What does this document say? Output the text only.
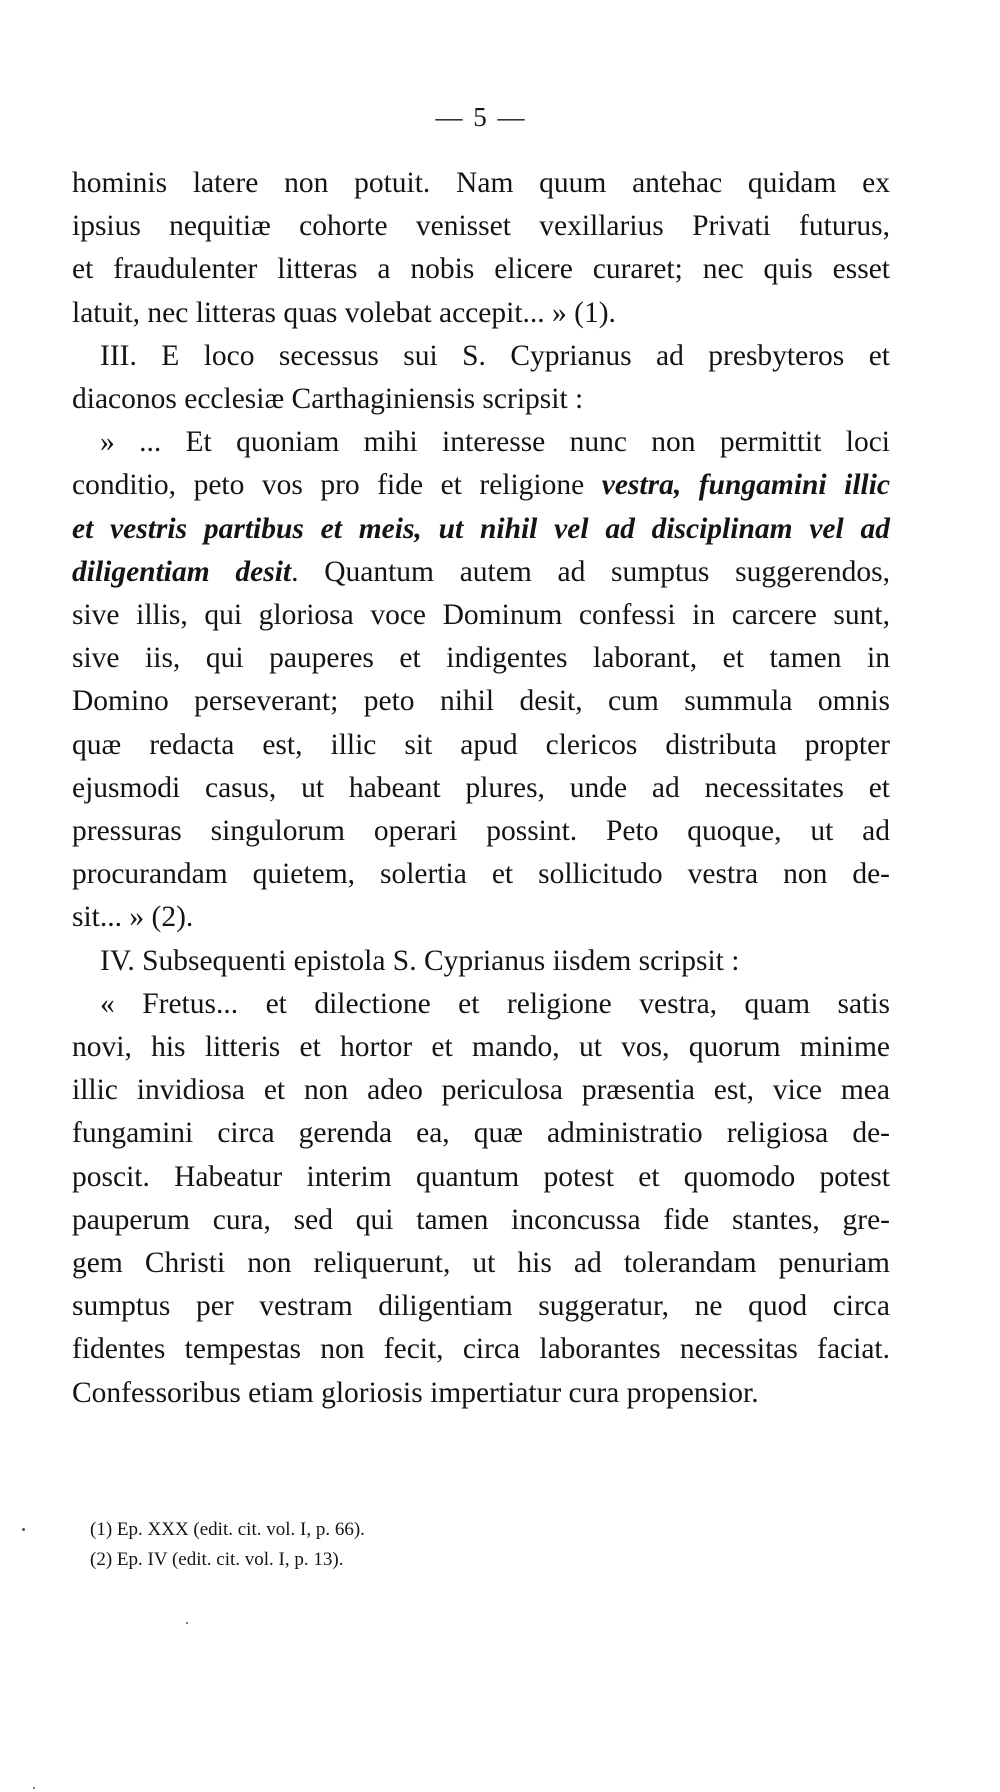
— 5 —

hominis latere non potuit. Nam quum antehac quidam ex

ipsius nequitiæ cohorte venisset vexillarius Privati futurus,

et fraudulenter litteras a nobis elicere curaret; nec quis esset

latuit, nec litteras quas volebat accepit... » (1).

III. E loco secessus sui S. Cyprianus ad presbyteros et

diaconos ecclesiæ Carthaginiensis scripsit :

» ... Et quoniam mihi interesse nunc non permittit loci

conditio, peto vos pro fide et religione vestra, fungamini illic

et vestris partibus et meis, ut nihil vel ad disciplinam vel ad

diligentiam desit. Quantum autem ad sumptus suggerendos,

sive illis, qui gloriosa voce Dominum confessi in carcere sunt,

sive iis, qui pauperes et indigentes laborant, et tamen in

Domino perseverant; peto nihil desit, cum summula omnis

quæ redacta est, illic sit apud clericos distributa propter

ejusmodi casus, ut habeant plures, unde ad necessitates et

pressuras singulorum operari possint. Peto quoque, ut ad

procurandam quietem, solertia et sollicitudo vestra non de-

sit... » (2).

IV. Subsequenti epistola S. Cyprianus iisdem scripsit :

« Fretus... et dilectione et religione vestra, quam satis

novi, his litteris et hortor et mando, ut vos, quorum minime

illic invidiosa et non adeo periculosa præsentia est, vice mea

fungamini circa gerenda ea, quæ administratio religiosa de-

poscit. Habeatur interim quantum potest et quomodo potest

pauperum cura, sed qui tamen inconcussa fide stantes, gre-

gem Christi non reliquerunt, ut his ad tolerandam penuriam

sumptus per vestram diligentiam suggeratur, ne quod circa

fidentes tempestas non fecit, circa laborantes necessitas faciat.

Confessoribus etiam gloriosis impertiatur cura propensior.

(1) Ep. XXX (edit. cit. vol. I, p. 66).
(2) Ep. IV (edit. cit. vol. I, p. 13).
